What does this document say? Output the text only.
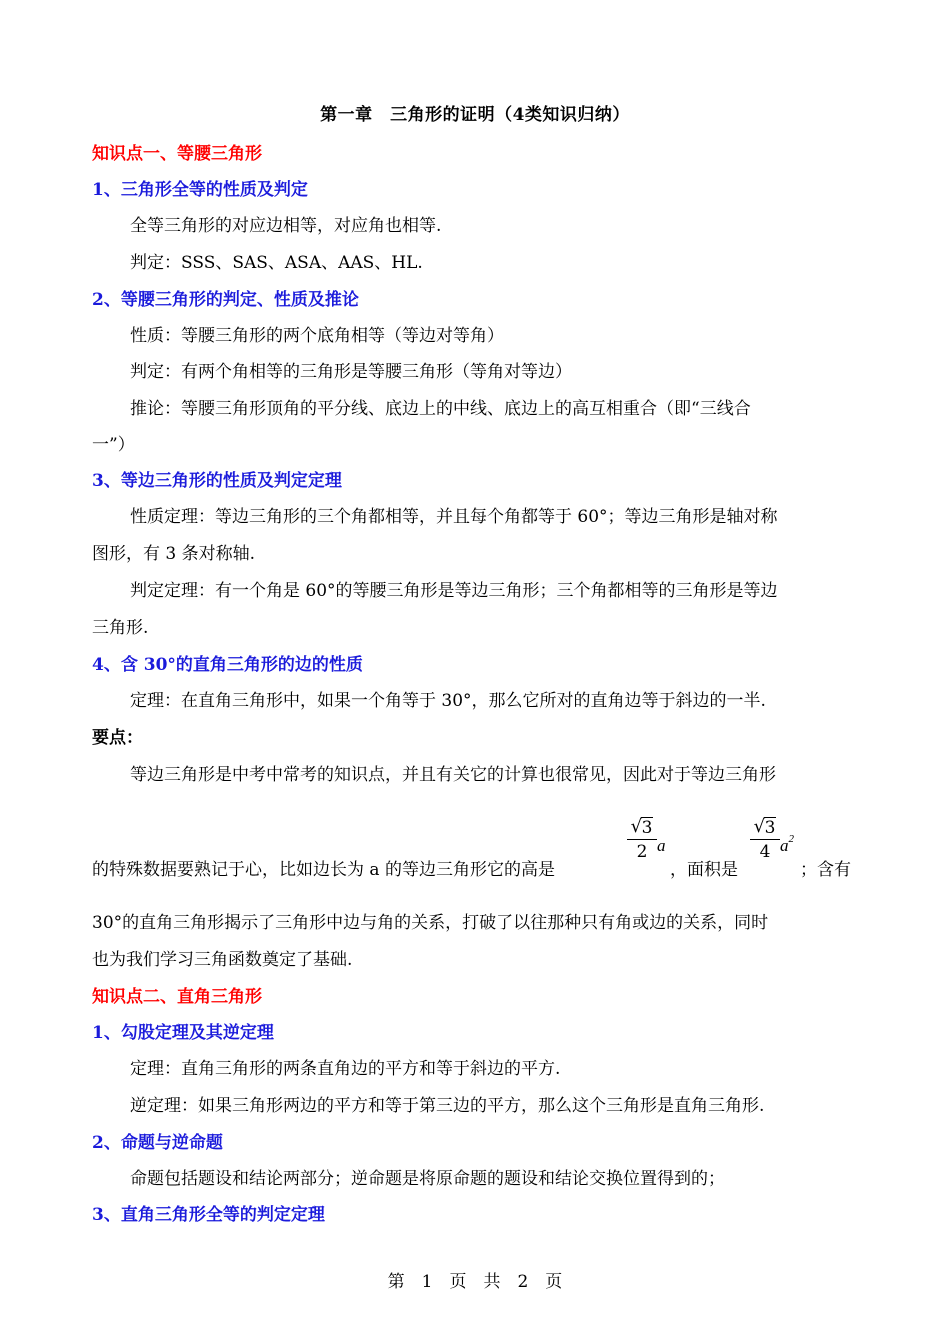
第一章　三角形的证明（4类知识归纳）
知识点一、等腰三角形
1、三角形全等的性质及判定
全等三角形的对应边相等，对应角也相等.
判定：SSS、SAS、ASA、AAS、HL.
2、等腰三角形的判定、性质及推论
性质：等腰三角形的两个底角相等（等边对等角）
判定：有两个角相等的三角形是等腰三角形（等角对等边）
推论：等腰三角形顶角的平分线、底边上的中线、底边上的高互相重合（即“三线合
一”）
3、等边三角形的性质及判定定理
性质定理：等边三角形的三个角都相等，并且每个角都等于 60°；等边三角形是轴对称
图形，有 3 条对称轴.
判定定理：有一个角是 60°的等腰三角形是等边三角形；三个角都相等的三角形是等边
三角形.
4、含 30°的直角三角形的边的性质
定理：在直角三角形中，如果一个角等于 30°，那么它所对的直角边等于斜边的一半.
要点：
等边三角形是中考中常考的知识点，并且有关它的计算也很常见，因此对于等边三角形
的特殊数据要熟记于心，比如边长为 a 的等边三角形它的高是
$\frac{√ 3}{2}$ a
，面积是
$\frac{√ 3}{4} a^2$
；含有
30°的直角三角形揭示了三角形中边与角的关系，打破了以往那种只有角或边的关系，同时
也为我们学习三角函数奠定了基础.
知识点二、直角三角形
1、勾股定理及其逆定理
定理：直角三角形的两条直角边的平方和等于斜边的平方.
逆定理：如果三角形两边的平方和等于第三边的平方，那么这个三角形是直角三角形.
2、命题与逆命题
命题包括题设和结论两部分；逆命题是将原命题的题设和结论交换位置得到的；
3、直角三角形全等的判定定理
第　1　页　共　2　页
